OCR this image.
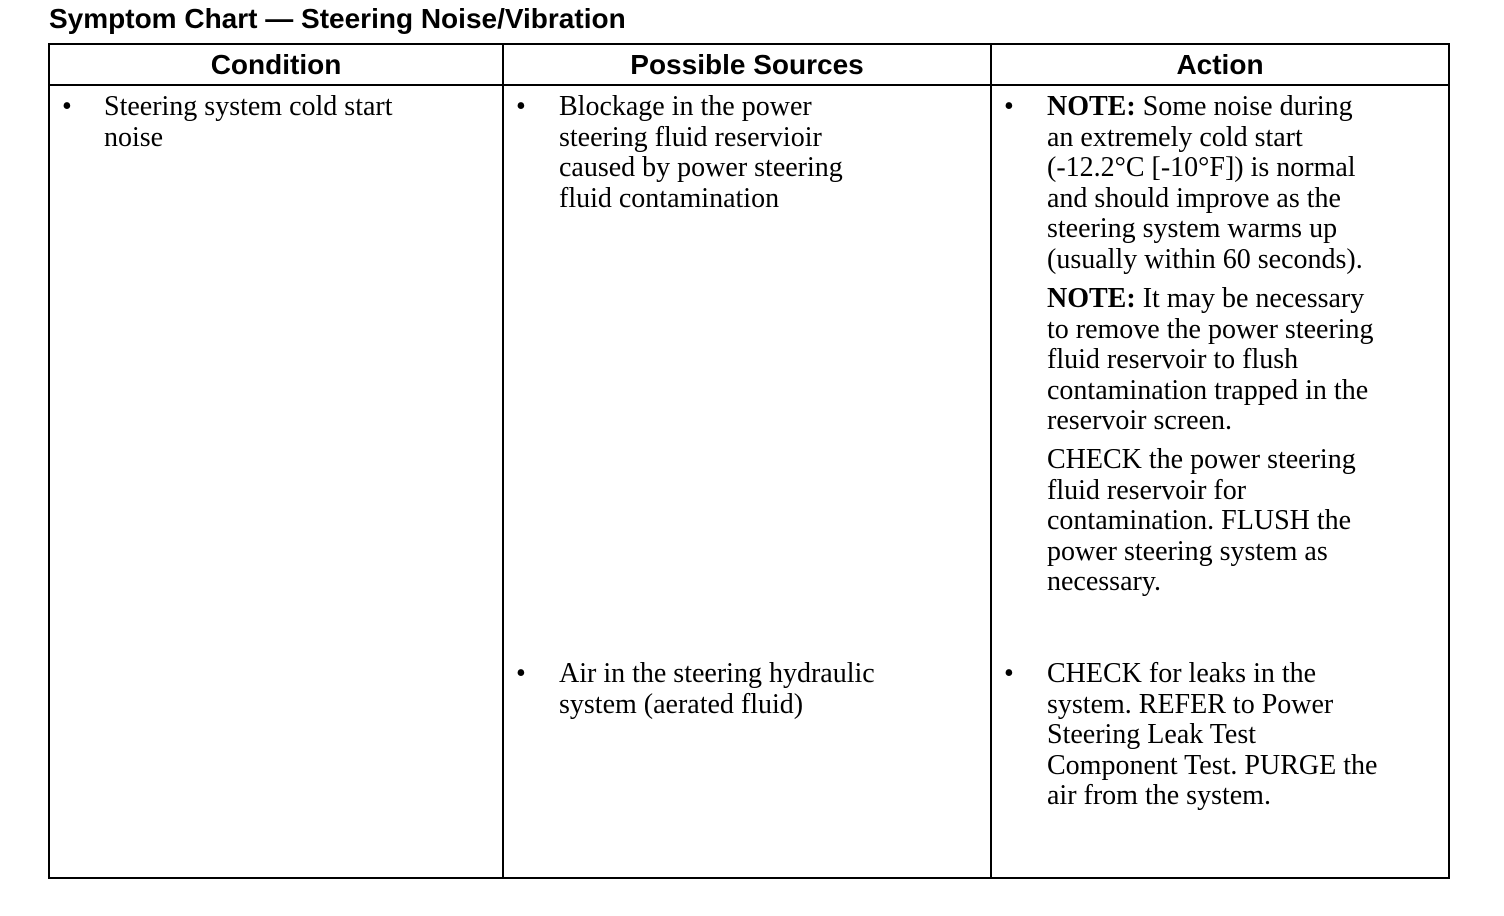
Symptom Chart — Steering Noise/Vibration
Condition	Possible Sources	Action
• Steering system cold start
noise
• Blockage in the power
steering fluid reservioir
caused by power steering
fluid contamination
• Air in the steering hydraulic
system (aerated fluid)
• NOTE: Some noise during
an extremely cold start
(-12.2°C [-10°F]) is normal
and should improve as the
steering system warms up
(usually within 60 seconds).
NOTE: It may be necessary
to remove the power steering
fluid reservoir to flush
contamination trapped in the
reservoir screen.
CHECK the power steering
fluid reservoir for
contamination. FLUSH the
power steering system as
necessary.
• CHECK for leaks in the
system. REFER to Power
Steering Leak Test
Component Test. PURGE the
air from the system.
